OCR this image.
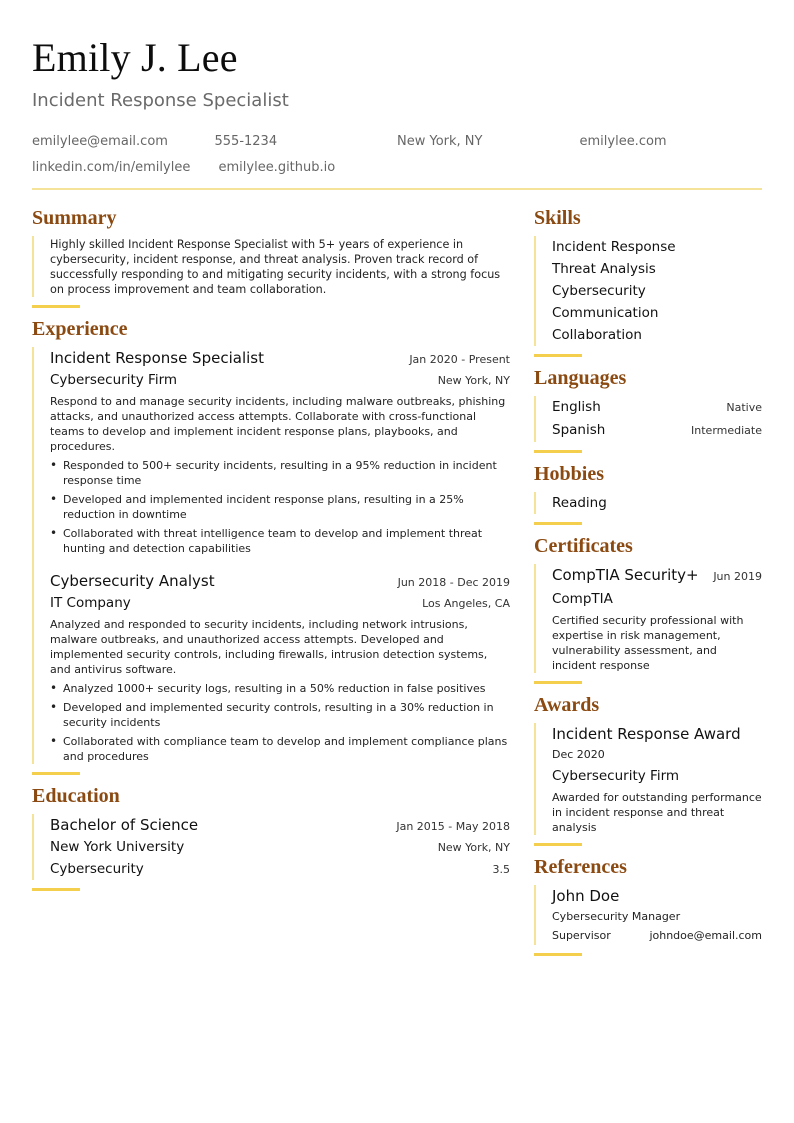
Emily J. Lee
Incident Response Specialist
emilylee@email.com	555-1234	New York, NY	emilylee.com
linkedin.com/in/emilylee	emilylee.github.io
Summary

Highly skilled Incident Response Specialist with 5+ years of experience in cybersecurity, incident response, and threat analysis. Proven track record of successfully responding to and mitigating security incidents, with a strong focus on process improvement and team collaboration.

Experience
Incident Response Specialist	Jan 2020 - Present
Cybersecurity Firm	New York, NY

Respond to and manage security incidents, including malware outbreaks, phishing attacks, and unauthorized access attempts. Collaborate with cross-functional teams to develop and implement incident response plans, playbooks, and procedures.

• Responded to 500+ security incidents, resulting in a 95% reduction in incident response time
• Developed and implemented incident response plans, resulting in a 25% reduction in downtime
• Collaborated with threat intelligence team to develop and implement threat hunting and detection capabilities
Cybersecurity Analyst	Jun 2018 - Dec 2019
IT Company	Los Angeles, CA

Analyzed and responded to security incidents, including network intrusions, malware outbreaks, and unauthorized access attempts. Developed and implemented security controls, including firewalls, intrusion detection systems, and antivirus software.

• Analyzed 1000+ security logs, resulting in a 50% reduction in false positives
• Developed and implemented security controls, resulting in a 30% reduction in security incidents
• Collaborated with compliance team to develop and implement compliance plans and procedures
Education
Bachelor of Science	Jan 2015 - May 2018
New York University	New York, NY
Cybersecurity	3.5
Skills
Incident Response
Threat Analysis
Cybersecurity
Communication
Collaboration
Languages
English	Native
Spanish	Intermediate
Hobbies
Reading
Certificates
CompTIA Security+ Jun 2019
CompTIA

Certified security professional with expertise in risk management, vulnerability assessment, and incident response

Awards
Incident Response Award
Dec 2020
Cybersecurity Firm

Awarded for outstanding performance in incident response and threat analysis

References
John Doe
Cybersecurity Manager
Supervisor	johndoe@email.com
